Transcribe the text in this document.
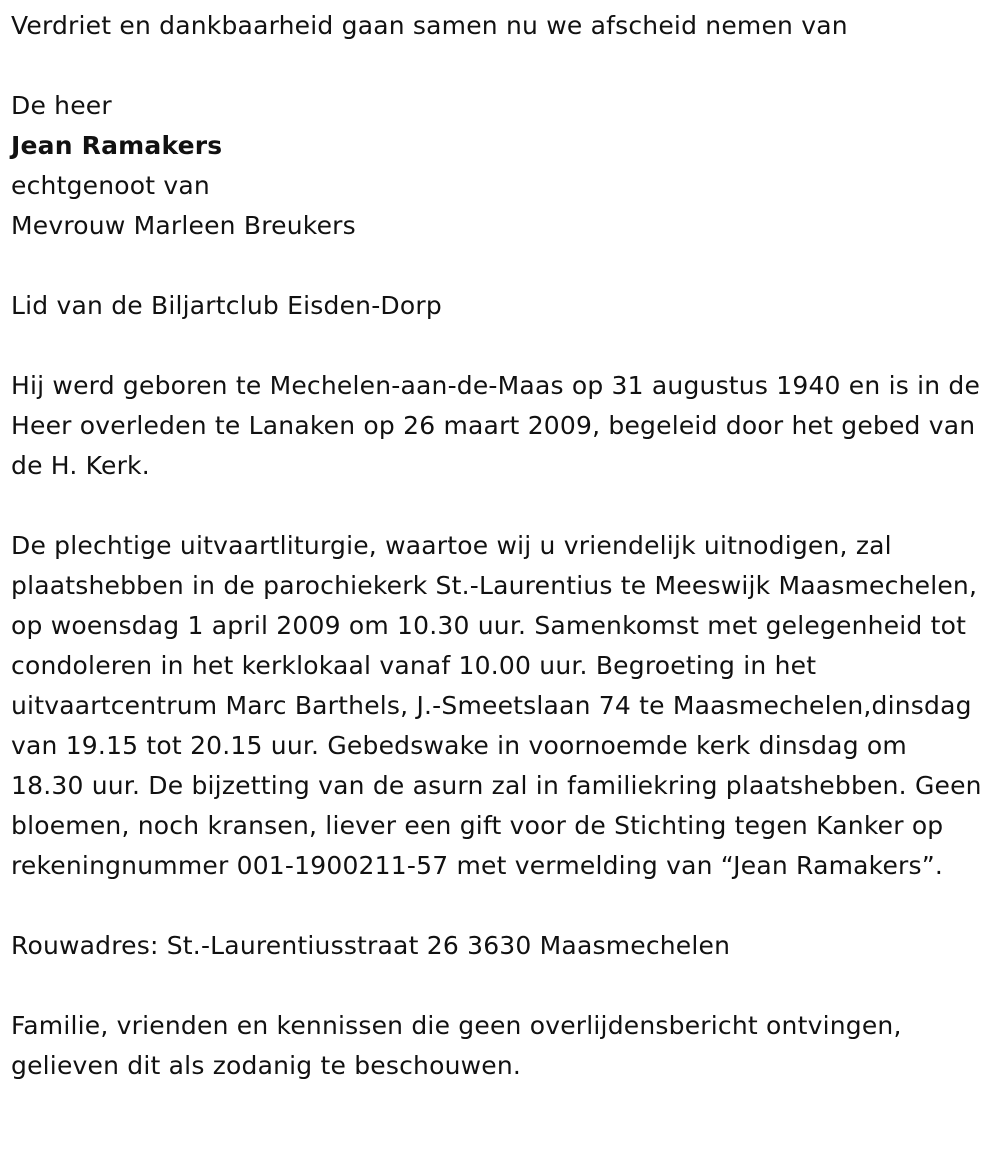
Verdriet en dankbaarheid gaan samen nu we afscheid nemen van

De heer

Jean Ramakers

echtgenoot van

Mevrouw Marleen Breukers

Lid van de Biljartclub Eisden-Dorp

Hij werd geboren te Mechelen-aan-de-Maas op 31 augustus 1940 en is in de Heer overleden te Lanaken op 26 maart 2009, begeleid door het gebed van de H. Kerk.

De plechtige uitvaartliturgie, waartoe wij u vriendelijk uitnodigen, zal plaatshebben in de parochiekerk St.-Laurentius te Meeswijk Maasmechelen, op woensdag 1 april 2009 om 10.30 uur. Samenkomst met gelegenheid tot condoleren in het kerklokaal vanaf 10.00 uur. Begroeting in het uitvaartcentrum Marc Barthels, J.-Smeetslaan 74 te Maasmechelen,dinsdag van 19.15 tot 20.15 uur. Gebedswake in voornoemde kerk dinsdag om 18.30 uur. De bijzetting van de asurn zal in familiekring plaatshebben. Geen bloemen, noch kransen, liever een gift voor de Stichting tegen Kanker op rekeningnummer 001-1900211-57 met vermelding van “Jean Ramakers”.

Rouwadres: St.-Laurentiusstraat 26 3630 Maasmechelen

Familie, vrienden en kennissen die geen overlijdensbericht ontvingen, gelieven dit als zodanig te beschouwen.
